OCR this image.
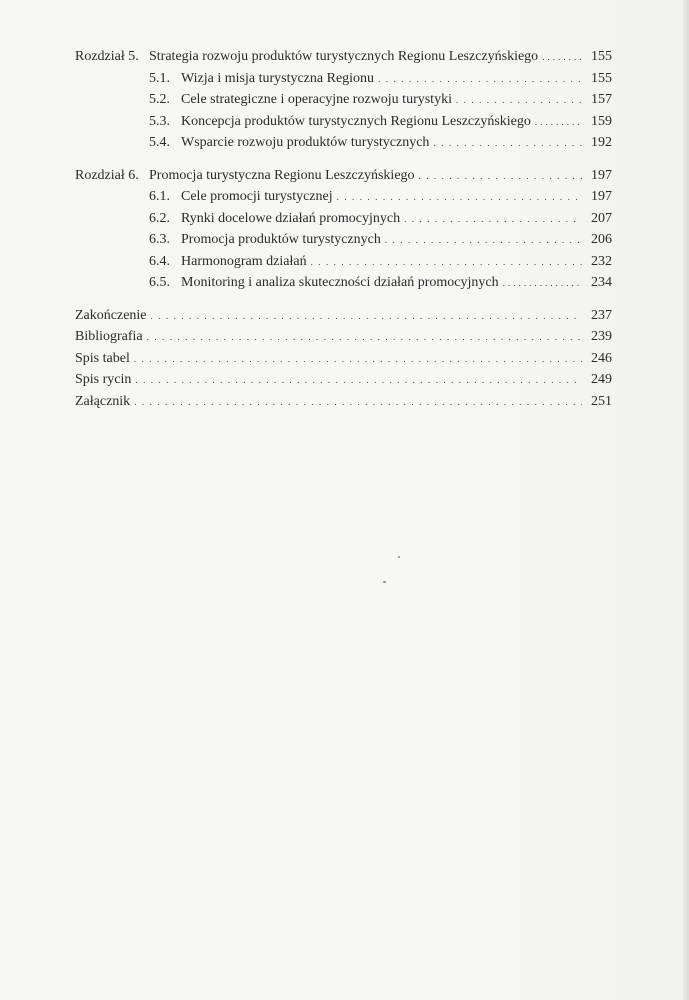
Rozdział 5. Strategia rozwoju produktów turystycznych Regionu Leszczyńskiego . . .	155
5.1. Wizja i misja turystyczna Regionu . . .	155
5.2. Cele strategiczne i operacyjne rozwoju turystyki . . .	157
5.3. Koncepcja produktów turystycznych Regionu Leszczyńskiego . . .	159
5.4. Wsparcie rozwoju produktów turystycznych . . .	192
Rozdział 6. Promocja turystyczna Regionu Leszczyńskiego . . .	197
6.1. Cele promocji turystycznej . . .	197
6.2. Rynki docelowe działań promocyjnych . . .	207
6.3. Promocja produktów turystycznych . . .	206
6.4. Harmonogram działań . . .	232
6.5. Monitoring i analiza skuteczności działań promocyjnych . . .	234
Zakończenie . . .	237
Bibliografia . . .	239
Spis tabel . . .	246
Spis rycin . . .	249
Załącznik . . .	251
